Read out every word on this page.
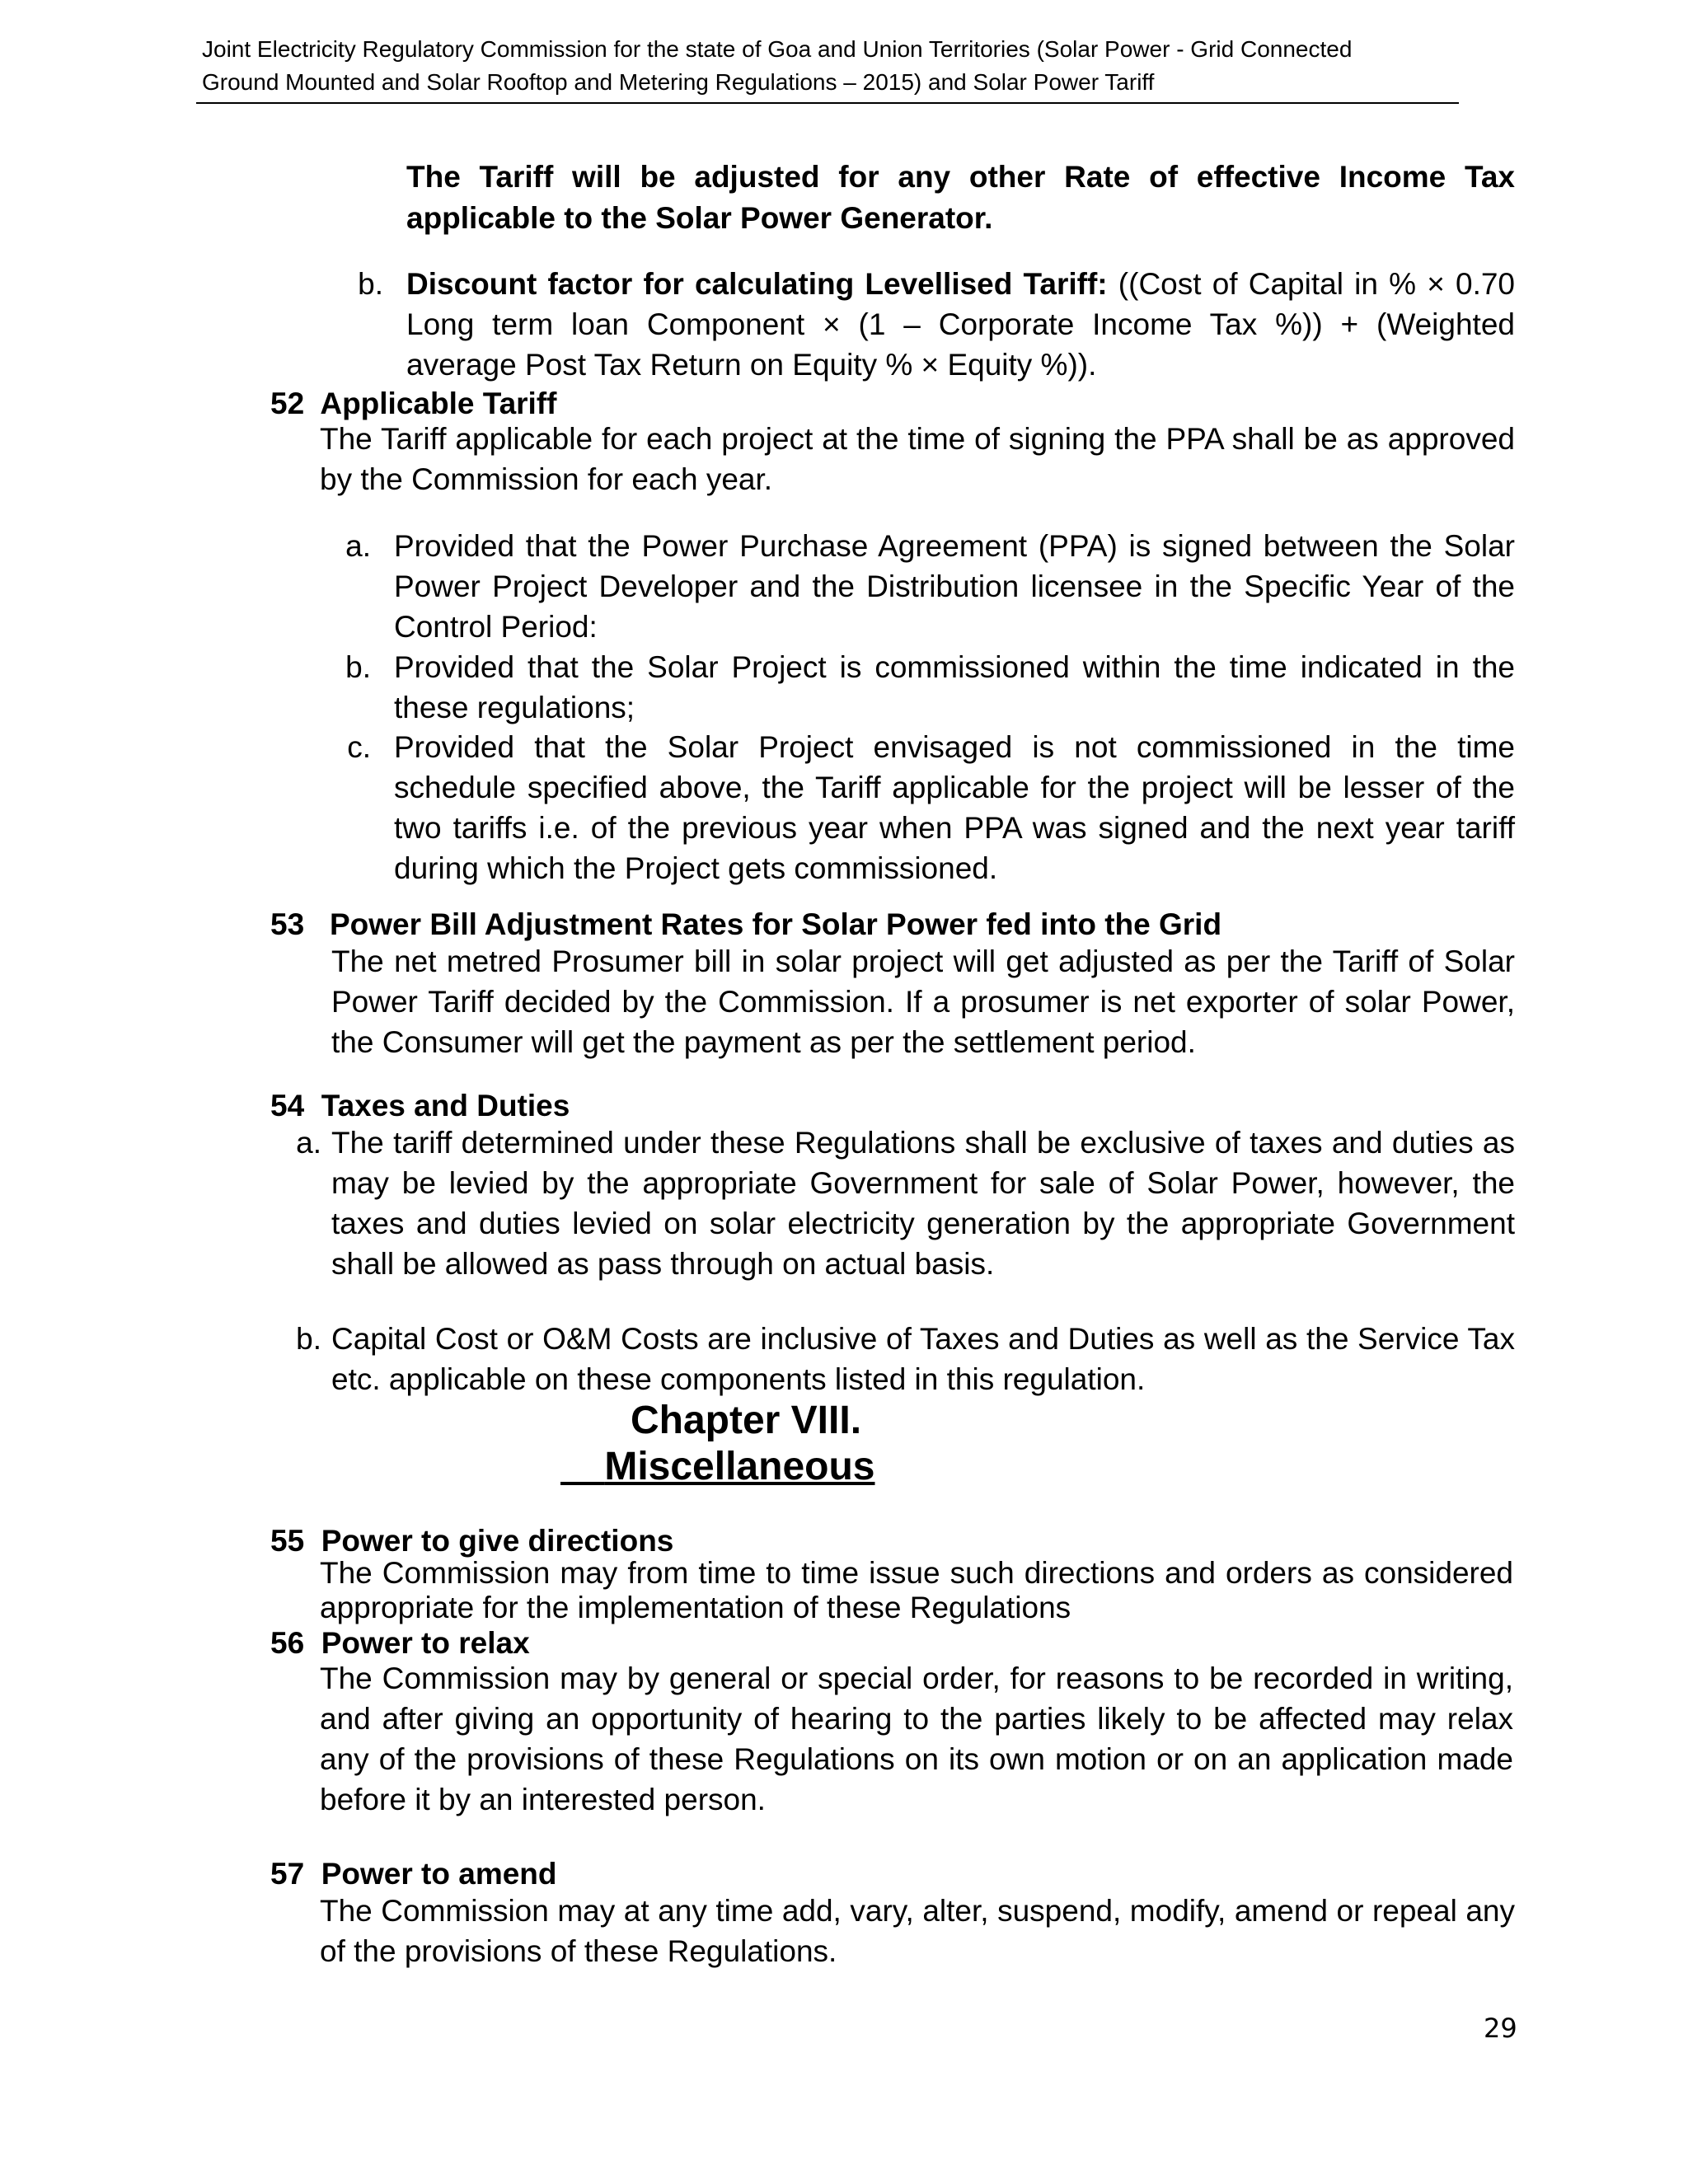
Joint Electricity Regulatory Commission for the state of Goa and Union Territories (Solar Power - Grid Connected
Ground Mounted and Solar Rooftop and Metering Regulations – 2015) and Solar Power Tariff
The Tariff will be adjusted for any other Rate of effective Income Tax applicable to the Solar Power Generator.
b. Discount factor for calculating Levellised Tariff: ((Cost of Capital in % × 0.70 Long term loan Component × (1 – Corporate Income Tax %)) + (Weighted average Post Tax Return on Equity % × Equity %)).
52 Applicable Tariff
The Tariff applicable for each project at the time of signing the PPA shall be as approved by the Commission for each year.
a. Provided that the Power Purchase Agreement (PPA) is signed between the Solar Power Project Developer and the Distribution licensee in the Specific Year of the Control Period:
b. Provided that the Solar Project is commissioned within the time indicated in the these regulations;
c. Provided that the Solar Project envisaged is not commissioned in the time schedule specified above, the Tariff applicable for the project will be lesser of the two tariffs i.e. of the previous year when PPA was signed and the next year tariff during which the Project gets commissioned.
53 Power Bill Adjustment Rates for Solar Power fed into the Grid
The net metred Prosumer bill in solar project will get adjusted as per the Tariff of Solar Power Tariff decided by the Commission. If a prosumer is net exporter of solar Power, the Consumer will get the payment as per the settlement period.
54 Taxes and Duties
a. The tariff determined under these Regulations shall be exclusive of taxes and duties as may be levied by the appropriate Government for sale of Solar Power, however, the taxes and duties levied on solar electricity generation by the appropriate Government shall be allowed as pass through on actual basis.
b. Capital Cost or O&M Costs are inclusive of Taxes and Duties as well as the Service Tax etc. applicable on these components listed in this regulation.
Chapter VIII.
Miscellaneous
55 Power to give directions
The Commission may from time to time issue such directions and orders as considered appropriate for the implementation of these Regulations
56 Power to relax
The Commission may by general or special order, for reasons to be recorded in writing, and after giving an opportunity of hearing to the parties likely to be affected may relax any of the provisions of these Regulations on its own motion or on an application made before it by an interested person.
57 Power to amend
The Commission may at any time add, vary, alter, suspend, modify, amend or repeal any of the provisions of these Regulations.
29
